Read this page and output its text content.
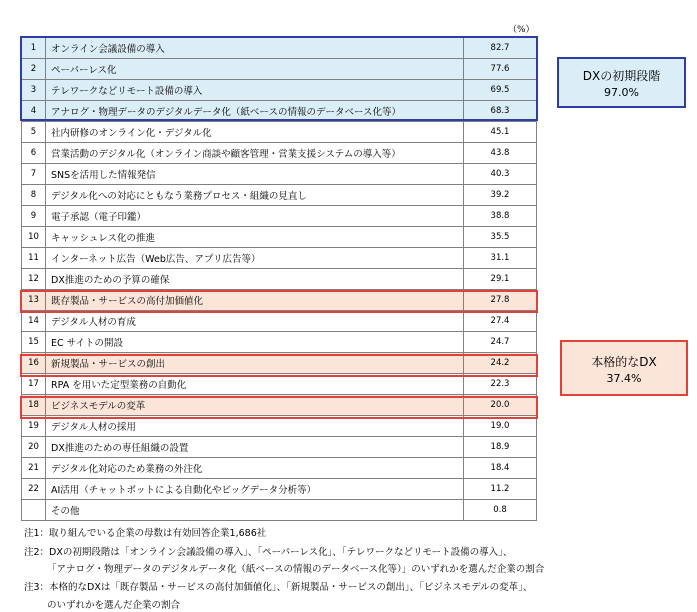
（%）
1	オンライン会議設備の導入	82.7
2	ペーパーレス化	77.6
3	テレワークなどリモート設備の導入	69.5
4	アナログ・物理データのデジタルデータ化（紙ベースの情報のデータベース化等）	68.3
5	社内研修のオンライン化・デジタル化	45.1
6	営業活動のデジタル化（オンライン商談や顧客管理・営業支援システムの導入等）	43.8
7	SNSを活用した情報発信	40.3
8	デジタル化への対応にともなう業務プロセス・組織の見直し	39.2
9	電子承認（電子印鑑）	38.8
10	キャッシュレス化の推進	35.5
11	インターネット広告（Web広告、アプリ広告等）	31.1
12	DX推進のための予算の確保	29.1
13	既存製品・サービスの高付加価値化	27.8
14	デジタル人材の育成	27.4
15	EC サイトの開設	24.7
16	新規製品・サービスの創出	24.2
17	RPA を用いた定型業務の自動化	22.3
18	ビジネスモデルの変革	20.0
19	デジタル人材の採用	19.0
20	DX推進のための専任組織の設置	18.9
21	デジタル化対応のため業務の外注化	18.4
22	AI活用（チャットボットによる自動化やビッグデータ分析等）	11.2
	その他	0.8
DXの初期段階
97.0%
本格的なDX
37.4%
注1：取り組んでいる企業の母数は有効回答企業1,686社
注2：DXの初期段階は「オンライン会議設備の導入」、「ペーパーレス化」、「テレワークなどリモート設備の導入」、
「アナログ・物理データのデジタルデータ化（紙ベースの情報のデータベース化等）」のいずれかを選んだ企業の割合
注3：本格的なDXは「既存製品・サービスの高付加価値化」、「新規製品・サービスの創出」、「ビジネスモデルの変革」、
のいずれかを選んだ企業の割合
